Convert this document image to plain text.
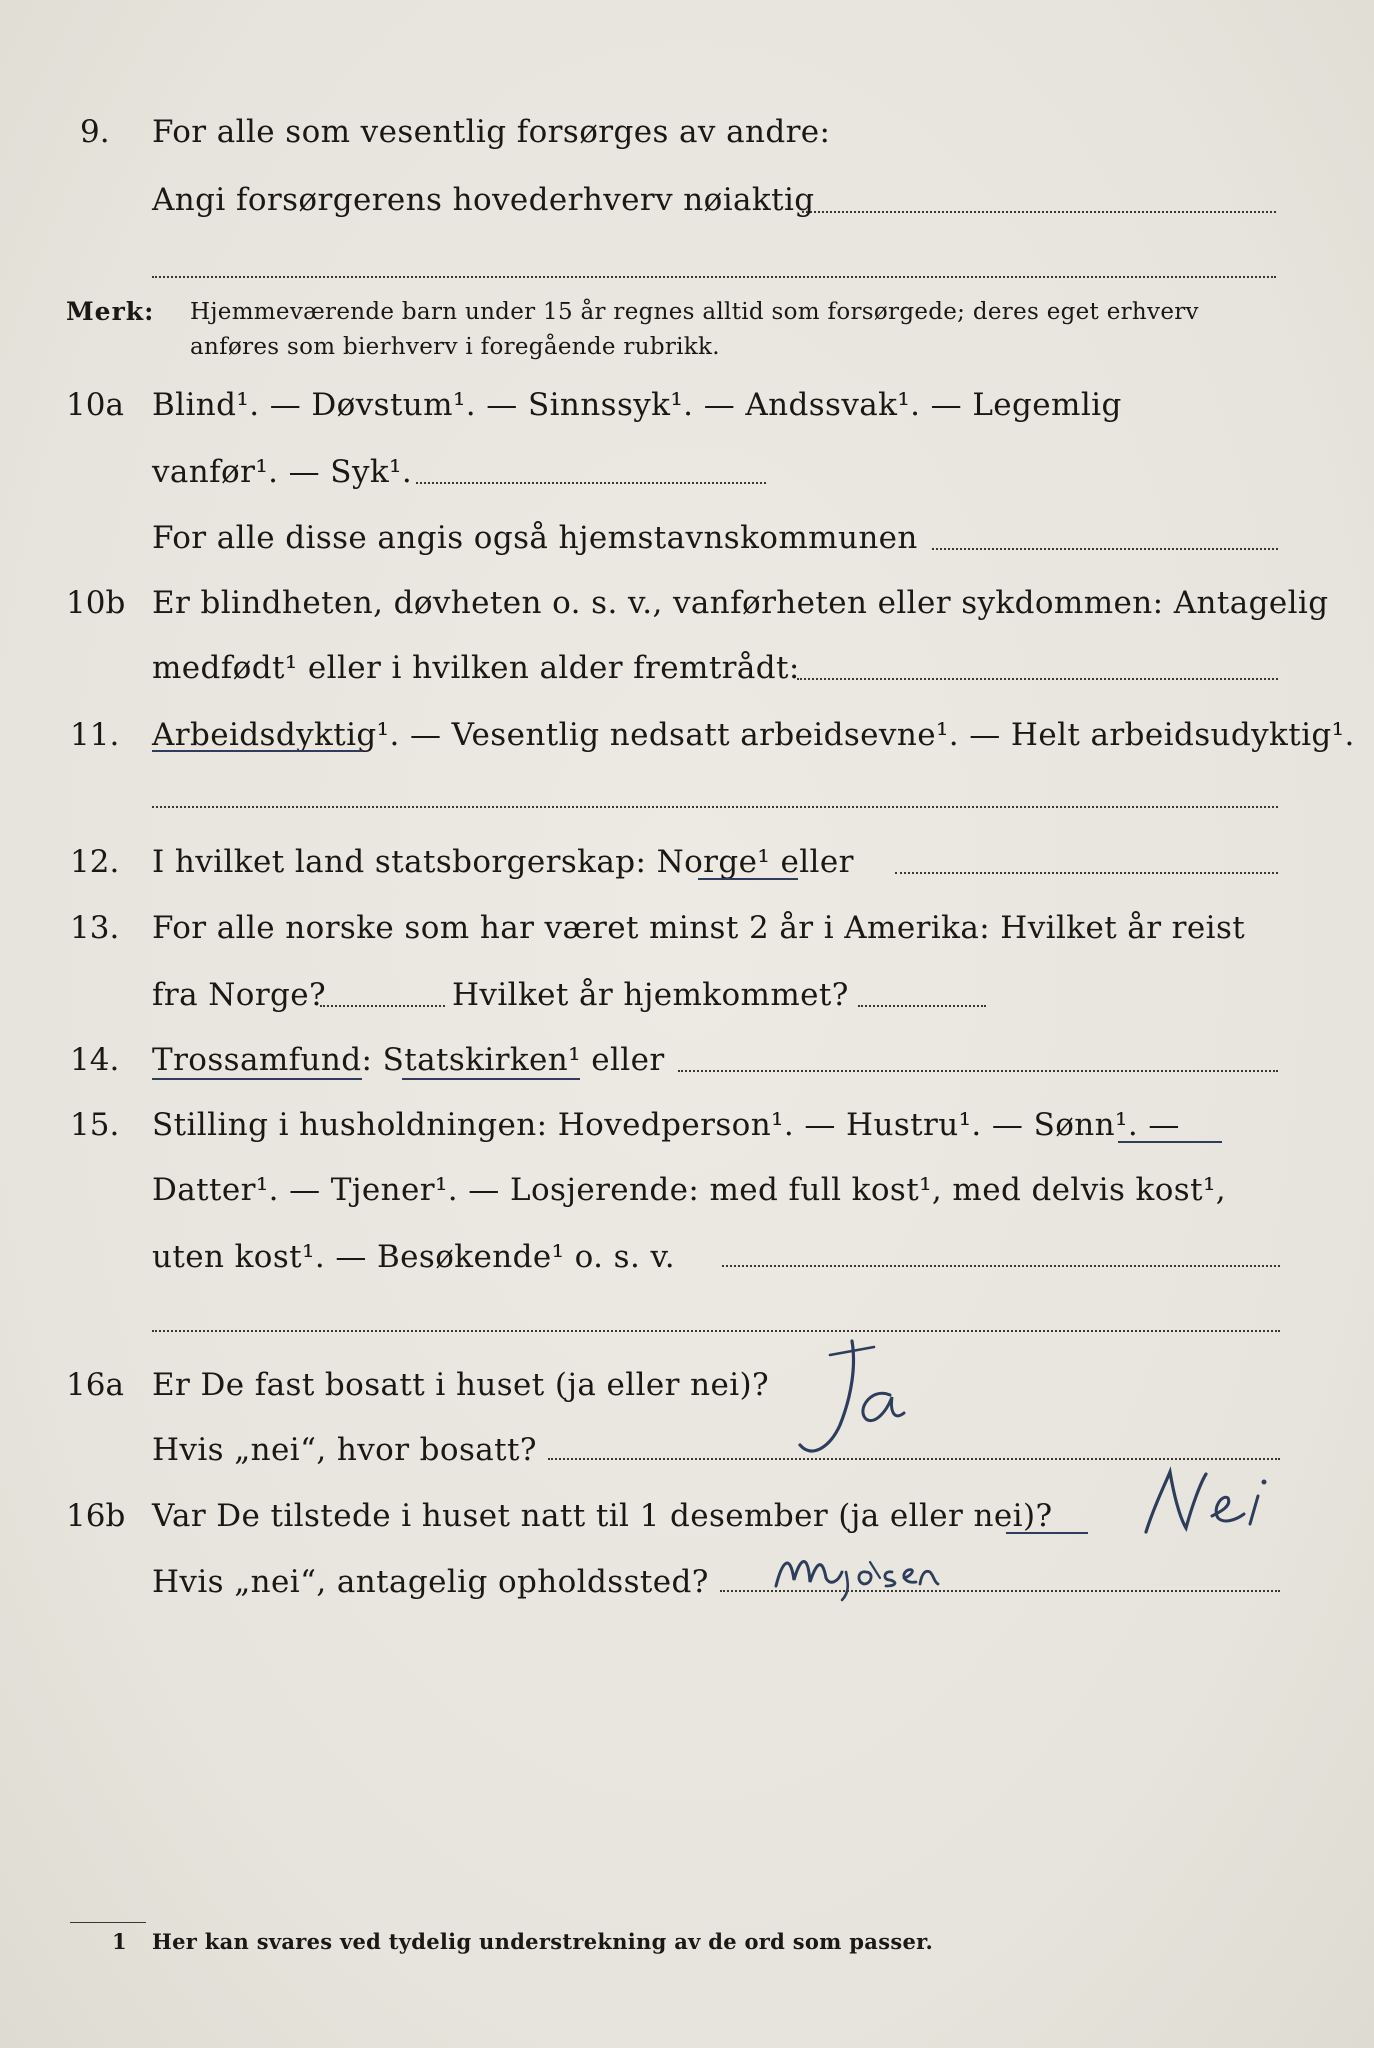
9. For alle som vesentlig forsørges av andre:
Angi forsørgerens hovederhverv nøiaktig
Merk: Hjemmeværende barn under 15 år regnes alltid som forsørgede; deres eget erhverv
anføres som bierhverv i foregående rubrikk.
10a Blind¹. — Døvstum¹. — Sinnssyk¹. — Andssvak¹. — Legemlig
vanfør¹. — Syk¹.
For alle disse angis også hjemstavnskommunen
10b Er blindheten, døvheten o. s. v., vanførheten eller sykdommen: Antagelig
medfødt¹ eller i hvilken alder fremtrådt:
11. Arbeidsdyktig¹. — Vesentlig nedsatt arbeidsevne¹. — Helt arbeidsudyktig¹.
12. I hvilket land statsborgerskap: Norge¹ eller
13. For alle norske som har været minst 2 år i Amerika: Hvilket år reist
fra Norge?	Hvilket år hjemkommet?
14. Trossamfund: Statskirken¹ eller
15. Stilling i husholdningen: Hovedperson¹. — Hustru¹. — Sønn¹. —
Datter¹. — Tjener¹. — Losjerende: med full kost¹, med delvis kost¹,
uten kost¹. — Besøkende¹ o. s. v.
16a Er De fast bosatt i huset (ja eller nei)?
Hvis „nei“, hvor bosatt?
16b Var De tilstede i huset natt til 1 desember (ja eller nei)?
Hvis „nei“, antagelig opholdssted?
1 Her kan svares ved tydelig understrekning av de ord som passer.
